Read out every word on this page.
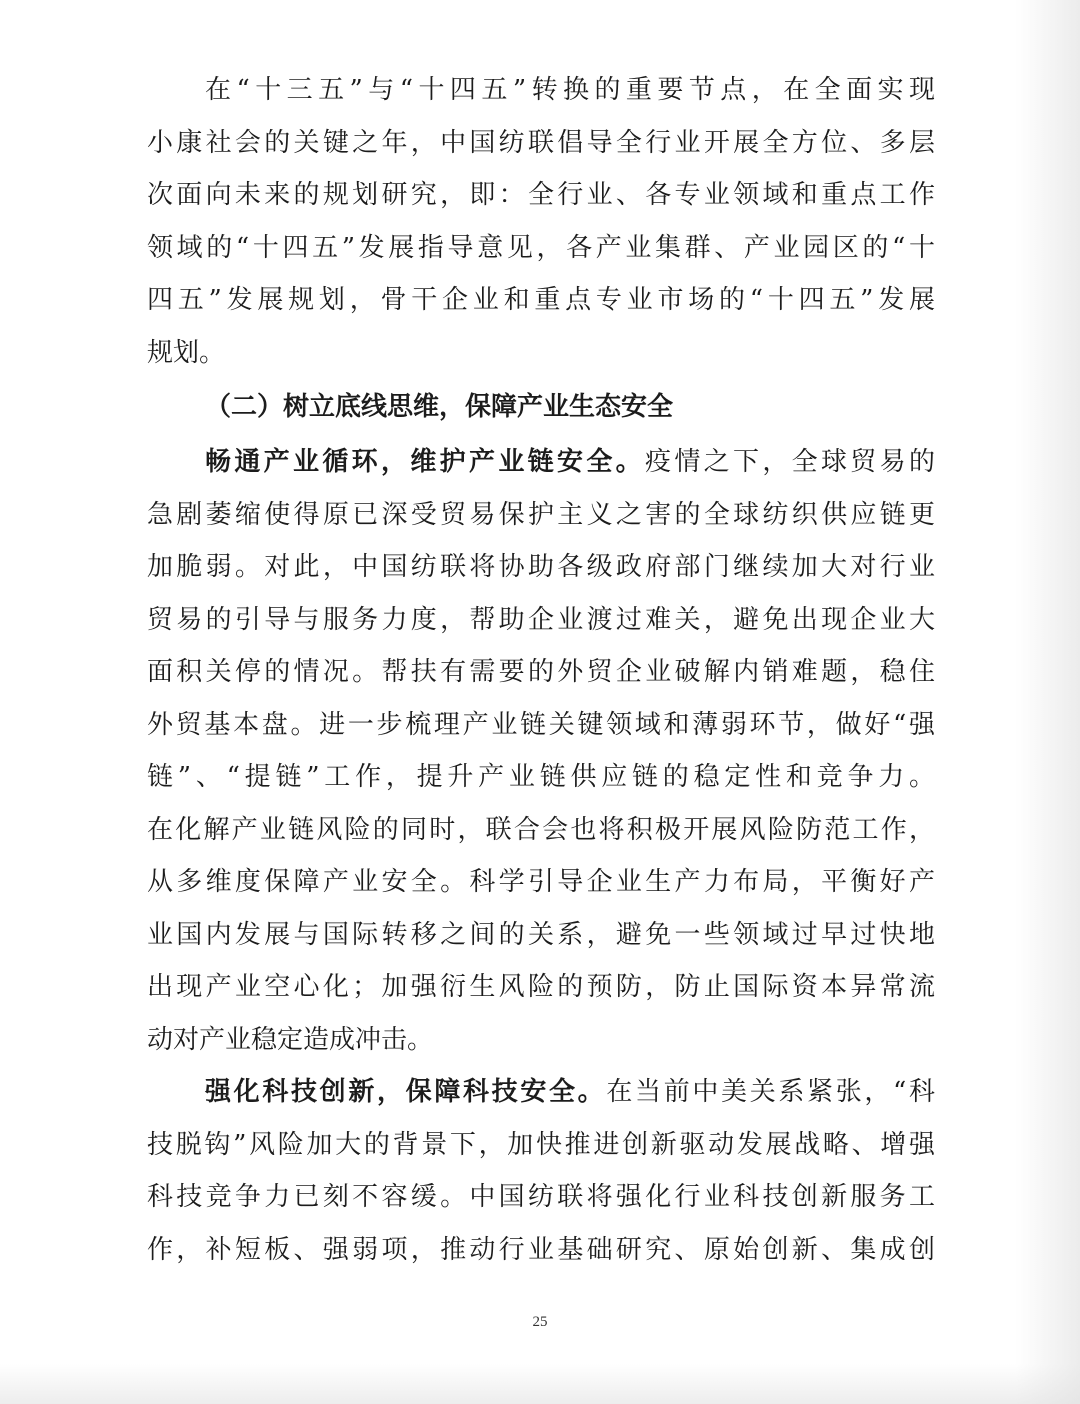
在“十三五”与“十四五”转换的重要节点，在全面实现
小康社会的关键之年，中国纺联倡导全行业开展全方位、多层
次面向未来的规划研究，即：全行业、各专业领域和重点工作
领域的“十四五”发展指导意见，各产业集群、产业园区的“十
四五”发展规划，骨干企业和重点专业市场的“十四五”发展
规划。
（二）树立底线思维，保障产业生态安全
畅通产业循环，维护产业链安全。疫情之下，全球贸易的
急剧萎缩使得原已深受贸易保护主义之害的全球纺织供应链更
加脆弱。对此，中国纺联将协助各级政府部门继续加大对行业
贸易的引导与服务力度，帮助企业渡过难关，避免出现企业大
面积关停的情况。帮扶有需要的外贸企业破解内销难题，稳住
外贸基本盘。进一步梳理产业链关键领域和薄弱环节，做好“强
链”、“提链”工作，提升产业链供应链的稳定性和竞争力。
在化解产业链风险的同时，联合会也将积极开展风险防范工作，
从多维度保障产业安全。科学引导企业生产力布局，平衡好产
业国内发展与国际转移之间的关系，避免一些领域过早过快地
出现产业空心化；加强衍生风险的预防，防止国际资本异常流
动对产业稳定造成冲击。
强化科技创新，保障科技安全。在当前中美关系紧张，“科
技脱钩”风险加大的背景下，加快推进创新驱动发展战略、增强
科技竞争力已刻不容缓。中国纺联将强化行业科技创新服务工
作，补短板、强弱项，推动行业基础研究、原始创新、集成创
25
